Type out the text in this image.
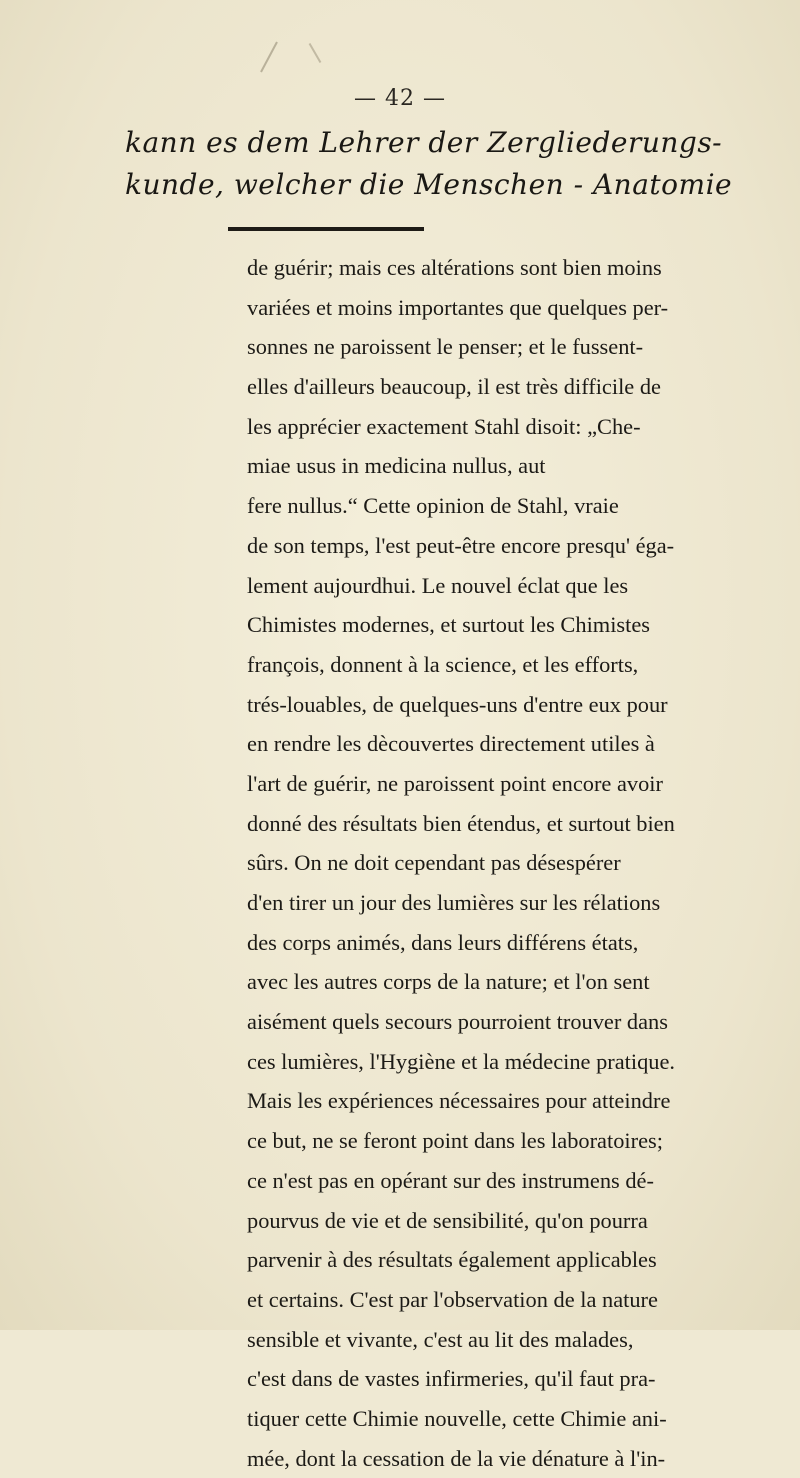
— 42 —
kann es dem Lehrer der Zergliederungs-
kunde, welcher die Menschen - Anatomie
de guérir; mais ces altérations sont bien moins
variées et moins importantes que quelques per-
sonnes ne paroissent le penser; et le fussent-
elles d'ailleurs beaucoup, il est très difficile de
les apprécier exactement Stahl disoit: „Che-
miae usus in medicina nullus, aut
fere nullus.“ Cette opinion de Stahl, vraie
de son temps, l'est peut-être encore presqu' éga-
lement aujourdhui. Le nouvel éclat que les
Chimistes modernes, et surtout les Chimistes
françois, donnent à la science, et les efforts,
trés-louables, de quelques-uns d'entre eux pour
en rendre les dècouvertes directement utiles à
l'art de guérir, ne paroissent point encore avoir
donné des résultats bien étendus, et surtout bien
sûrs. On ne doit cependant pas désespérer
d'en tirer un jour des lumières sur les rélations
des corps animés, dans leurs différens états,
avec les autres corps de la nature; et l'on sent
aisément quels secours pourroient trouver dans
ces lumières, l'Hygiène et la médecine pratique.
Mais les expériences nécessaires pour atteindre
ce but, ne se feront point dans les laboratoires;
ce n'est pas en opérant sur des instrumens dé-
pourvus de vie et de sensibilité, qu'on pourra
parvenir à des résultats également applicables
et certains. C'est par l'observation de la nature
sensible et vivante, c'est au lit des malades,
c'est dans de vastes infirmeries, qu'il faut pra-
tiquer cette Chimie nouvelle, cette Chimie ani-
mée, dont la cessation de la vie dénature à l'in-
